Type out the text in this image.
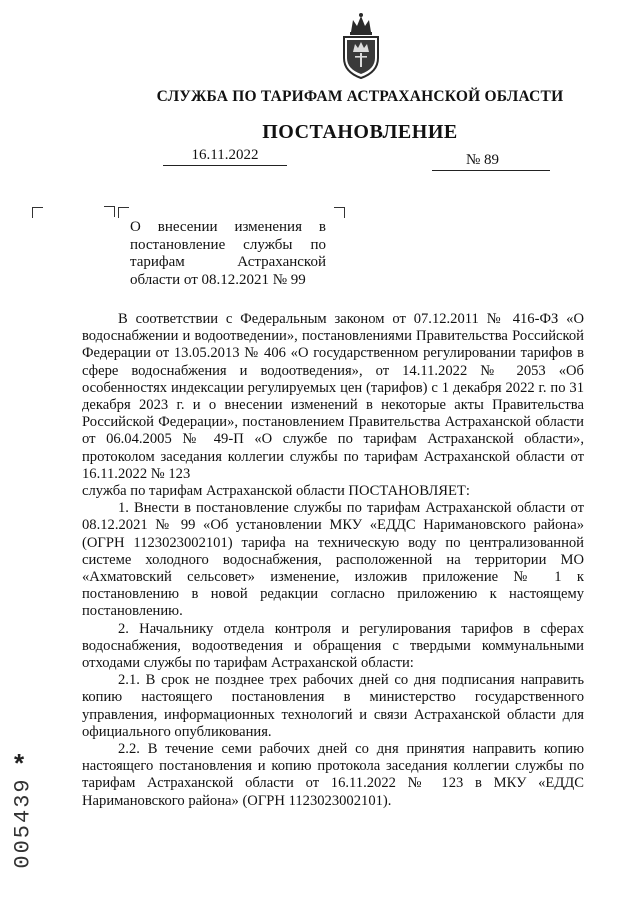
СЛУЖБА ПО ТАРИФАМ АСТРАХАНСКОЙ ОБЛАСТИ
ПОСТАНОВЛЕНИЕ
16.11.2022	№ 89
О внесении изменения в постановление службы по тарифам Астраханской области от 08.12.2021 № 99

В соответствии с Федеральным законом от 07.12.2011 № 416-ФЗ «О водоснабжении и водоотведении», постановлениями Правительства Российской Федерации от 13.05.2013 № 406 «О государственном регулировании тарифов в сфере водоснабжения и водоотведения», от 14.11.2022 № 2053 «Об особенностях индексации регулируемых цен (тарифов) с 1 декабря 2022 г. по 31 декабря 2023 г. и о внесении изменений в некоторые акты Правительства Российской Федерации», постановлением Правительства Астраханской области от 06.04.2005 № 49-П «О службе по тарифам Астраханской области», протоколом заседания коллегии службы по тарифам Астраханской области от 16.11.2022 № 123

служба по тарифам Астраханской области ПОСТАНОВЛЯЕТ:

1. Внести в постановление службы по тарифам Астраханской области от 08.12.2021 № 99 «Об установлении МКУ «ЕДДС Наримановского района» (ОГРН 1123023002101) тарифа на техническую воду по централизованной системе холодного водоснабжения, расположенной на территории МО «Ахматовский сельсовет» изменение, изложив приложение № 1 к постановлению в новой редакции согласно приложению к настоящему постановлению.

2. Начальнику отдела контроля и регулирования тарифов в сферах водоснабжения, водоотведения и обращения с твердыми коммунальными отходами службы по тарифам Астраханской области:

2.1. В срок не позднее трех рабочих дней со дня подписания направить копию настоящего постановления в министерство государственного управления, информационных технологий и связи Астраханской области для официального опубликования.

2.2. В течение семи рабочих дней со дня принятия направить копию настоящего постановления и копию протокола заседания коллегии службы по тарифам Астраханской области от 16.11.2022 № 123 в МКУ «ЕДДС Наримановского района» (ОГРН 1123023002101).

*
005439
